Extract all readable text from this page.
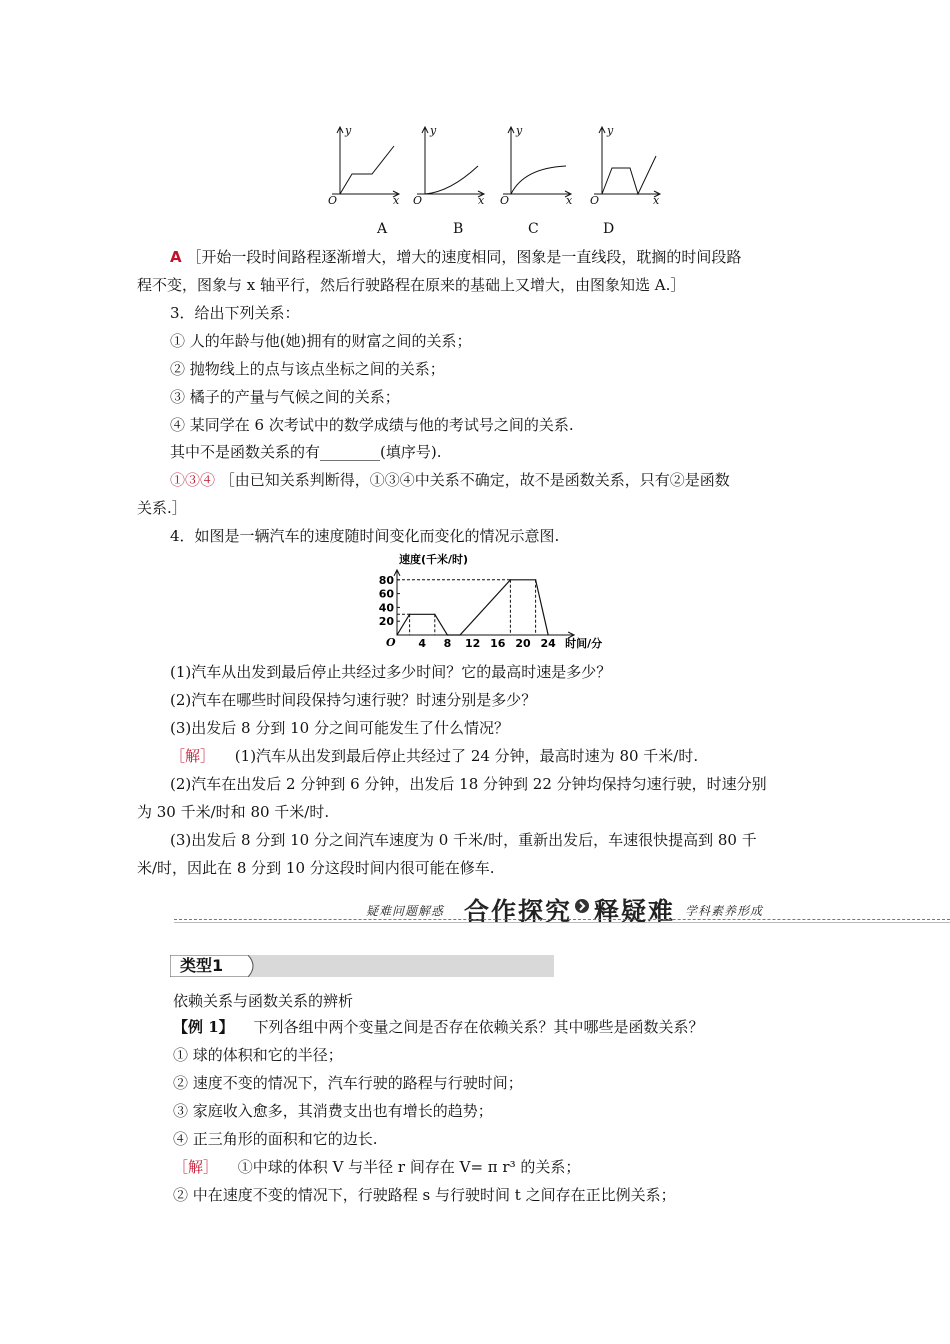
y
O	x
y
O	x
y
O	x
y
O	x
A	B	C	D
A ［开始一段时间路程逐渐增大，增大的速度相同，图象是一直线段，耽搁的时间段路
程不变，图象与 x 轴平行，然后行驶路程在原来的基础上又增大，由图象知选 A.］
3．给出下列关系：
① 人的年龄与他(她)拥有的财富之间的关系；
② 抛物线上的点与该点坐标之间的关系；
③ 橘子的产量与气候之间的关系；
④ 某同学在 6 次考试中的数学成绩与他的考试号之间的关系.
其中不是函数关系的有________(填序号).
①③④ ［由已知关系判断得，①③④中关系不确定，故不是函数关系，只有②是函数
关系.］
4．如图是一辆汽车的速度随时间变化而变化的情况示意图.
速度(千米/时)
时间/分
O
20
40
60
80
4 8 12 16 20 24
(1)汽车从出发到最后停止共经过多少时间？它的最高时速是多少？
(2)汽车在哪些时间段保持匀速行驶？时速分别是多少？
(3)出发后 8 分到 10 分之间可能发生了什么情况？
［解］ 　(1)汽车从出发到最后停止共经过了 24 分钟，最高时速为 80 千米/时.
(2)汽车在出发后 2 分钟到 6 分钟，出发后 18 分钟到 22 分钟均保持匀速行驶，时速分别
为 30 千米/时和 80 千米/时.
(3)出发后 8 分到 10 分之间汽车速度为 0 千米/时，重新出发后，车速很快提高到 80 千
米/时，因此在 8 分到 10 分这段时间内很可能在修车.
疑难问题解惑 合作探究 释疑难 学科素养形成
类型1
依赖关系与函数关系的辨析
【例 1】 　下列各组中两个变量之间是否存在依赖关系？其中哪些是函数关系？
① 球的体积和它的半径；
② 速度不变的情况下，汽车行驶的路程与行驶时间；
③ 家庭收入愈多，其消费支出也有增长的趋势；
④ 正三角形的面积和它的边长.
［解］ 　①中球的体积 V 与半径 r 间存在 V= π r³ 的关系；
② 中在速度不变的情况下，行驶路程 s 与行驶时间 t 之间存在正比例关系；
